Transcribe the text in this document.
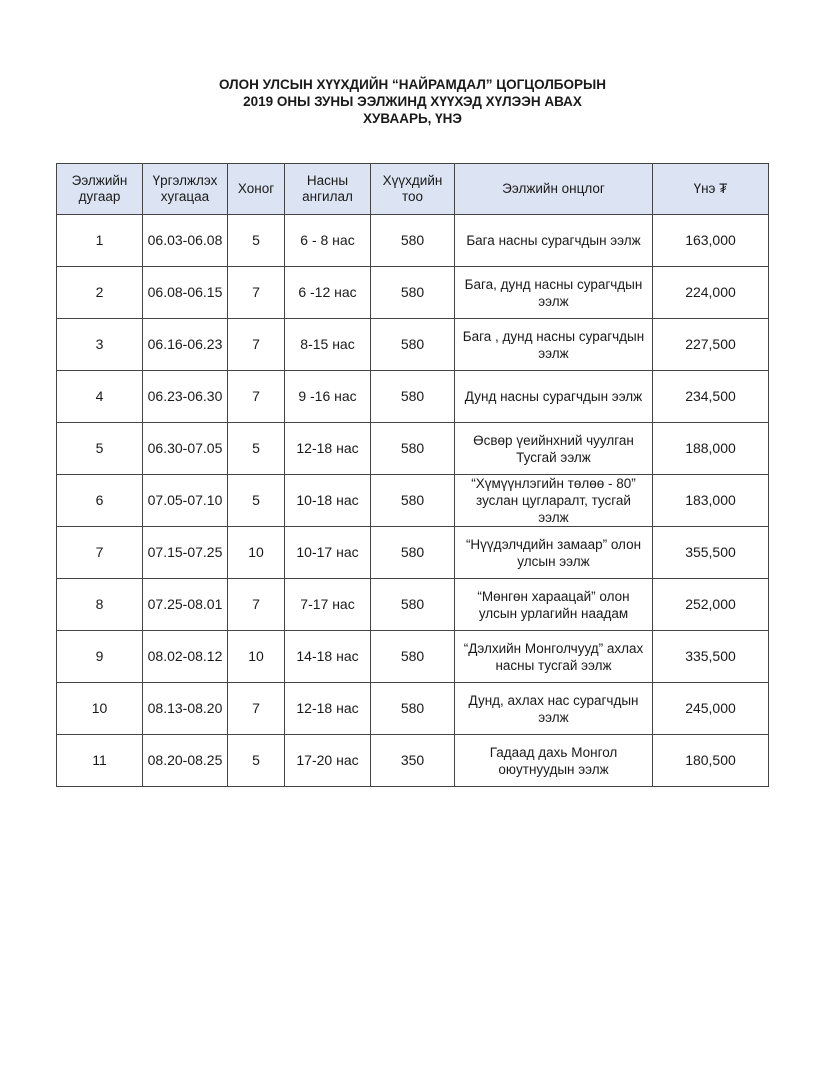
ОЛОН УЛСЫН ХҮҮХДИЙН “НАЙРАМДАЛ” ЦОГЦОЛБОРЫН
2019 ОНЫ ЗУНЫ ЭЭЛЖИНД ХҮҮХЭД ХҮЛЭЭН АВАХ
ХУВААРЬ, ҮНЭ
Ээлжийн дугаар	Үргэлжлэх хугацаа	Хоног	Насны ангилал	Хүүхдийн тоо	Ээлжийн онцлог	Үнэ ₮
1	06.03-06.08	5	6 - 8 нас	580	Бага насны сурагчдын ээлж	163,000
2	06.08-06.15	7	6 -12 нас	580	Бага, дунд насны сурагчдын ээлж	224,000
3	06.16-06.23	7	8-15 нас	580	Бага , дунд насны сурагчдын ээлж	227,500
4	06.23-06.30	7	9 -16 нас	580	Дунд насны сурагчдын ээлж	234,500
5	06.30-07.05	5	12-18 нас	580	Өсвөр үеийнхний чуулган Тусгай ээлж	188,000
6	07.05-07.10	5	10-18 нас	580	“Хүмүүнлэгийн төлөө - 80” зуслан цугларалт, тусгай ээлж	183,000
7	07.15-07.25	10	10-17 нас	580	“Нүүдэлчдийн замаар” олон улсын ээлж	355,500
8	07.25-08.01	7	7-17 нас	580	“Мөнгөн хараацай” олон улсын урлагийн наадам	252,000
9	08.02-08.12	10	14-18 нас	580	“Дэлхийн Монголчууд” ахлах насны тусгай ээлж	335,500
10	08.13-08.20	7	12-18 нас	580	Дунд, ахлах нас сурагчдын ээлж	245,000
11	08.20-08.25	5	17-20 нас	350	Гадаад дахь Монгол оюутнуудын ээлж	180,500
